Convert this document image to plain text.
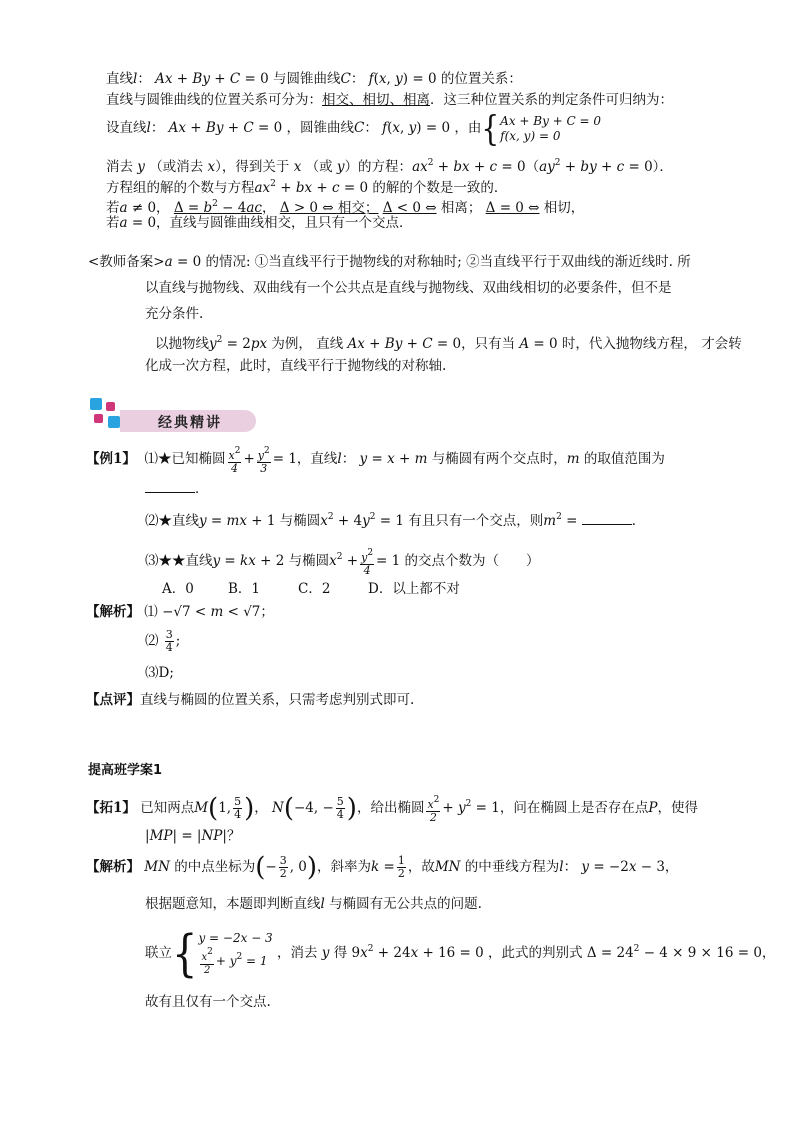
直线l： Ax + By + C = 0 与圆锥曲线C： f(x, y) = 0 的位置关系：
直线与圆锥曲线的位置关系可分为：相交、相切、相离．这三种位置关系的判定条件可归纳为：
设直线l： Ax + By + C = 0 ，圆锥曲线C： f(x, y) = 0 ，由{ Ax + By + C = 0
f(x, y) = 0
消去 y （或消去 x），得到关于 x （或 y）的方程：$ax^2$ + bx + $c = 0(ay^2$ + by + c = 0）．
方程组的解的个数与方程$ax^2$ + bx + c = 0 的解的个数是一致的．
若a ≠ 0， $\Delta = b^2 - 4ac$， Δ > 0 ⇔ 相交； Δ < 0 ⇔ 相离； Δ = 0 ⇔ 相切，
若a = 0，直线与圆锥曲线相交，且只有一个交点．
<教师备案>a = 0 的情况: ①当直线平行于抛物线的对称轴时; ②当直线平行于双曲线的渐近线时. 所
以直线与抛物线、双曲线有一个公共点是直线与抛物线、双曲线相切的必要条件，但不是
充分条件.
以抛物线$y^2 = 2px$ 为例， 直线 Ax + By + C = 0，只有当 A = 0 时，代入抛物线方程， 才会转
化成一次方程，此时，直线平行于抛物线的对称轴.
经典精讲
【例1】 ⑴★已知椭圆 $\frac{x^2}{4} + \frac{y^2}{3} = 1$，直线l： y = x + m 与椭圆有两个交点时，m 的取值范围为
．
⑵★直线y = mx + 1 与椭圆$x^2 + 4y^2 = 1$ 有且只有一个交点，则$m^2$ =	．
⑶★★直线y = kx + 2 与椭圆$x^2 + \frac{y^2}{4} = 1$ 的交点个数为（　　）
A．0	B．1	C．2	D．以上都不对
【解析】 ⑴ −√7 < m < √7；
⑵ $\frac{3}{4}$ ;
⑶D;
【点评】直线与椭圆的位置关系，只需考虑判别式即可.
提高班学案1
【拓1】 已知两点M(1, $\frac{5}{4}$ )， N(−4, − $\frac{5}{4}$ )，给出椭圆 $\frac{x^2}{2} + y^2 = 1$，问在椭圆上是否存在点P，使得
|MP| = |NP|？
【解析】 MN 的中点坐标为(− $\frac{3}{2}$ , 0)，斜率为$k = \frac{1}{2}$ ，故MN 的中垂线方程为l： y = −2x − 3，
根据题意知，本题即判断直线l 与椭圆有无公共点的问题.
联立{ y = −2x − 3
$\frac{x2}{2} + y^2 = 1$ ，消去 y 得 $9x^2 + 24x + 16 = 0$ ，此式的判别式 $\Delta = 24^2 - 4 \times 9 \times 16 = 0$，
故有且仅有一个交点.
